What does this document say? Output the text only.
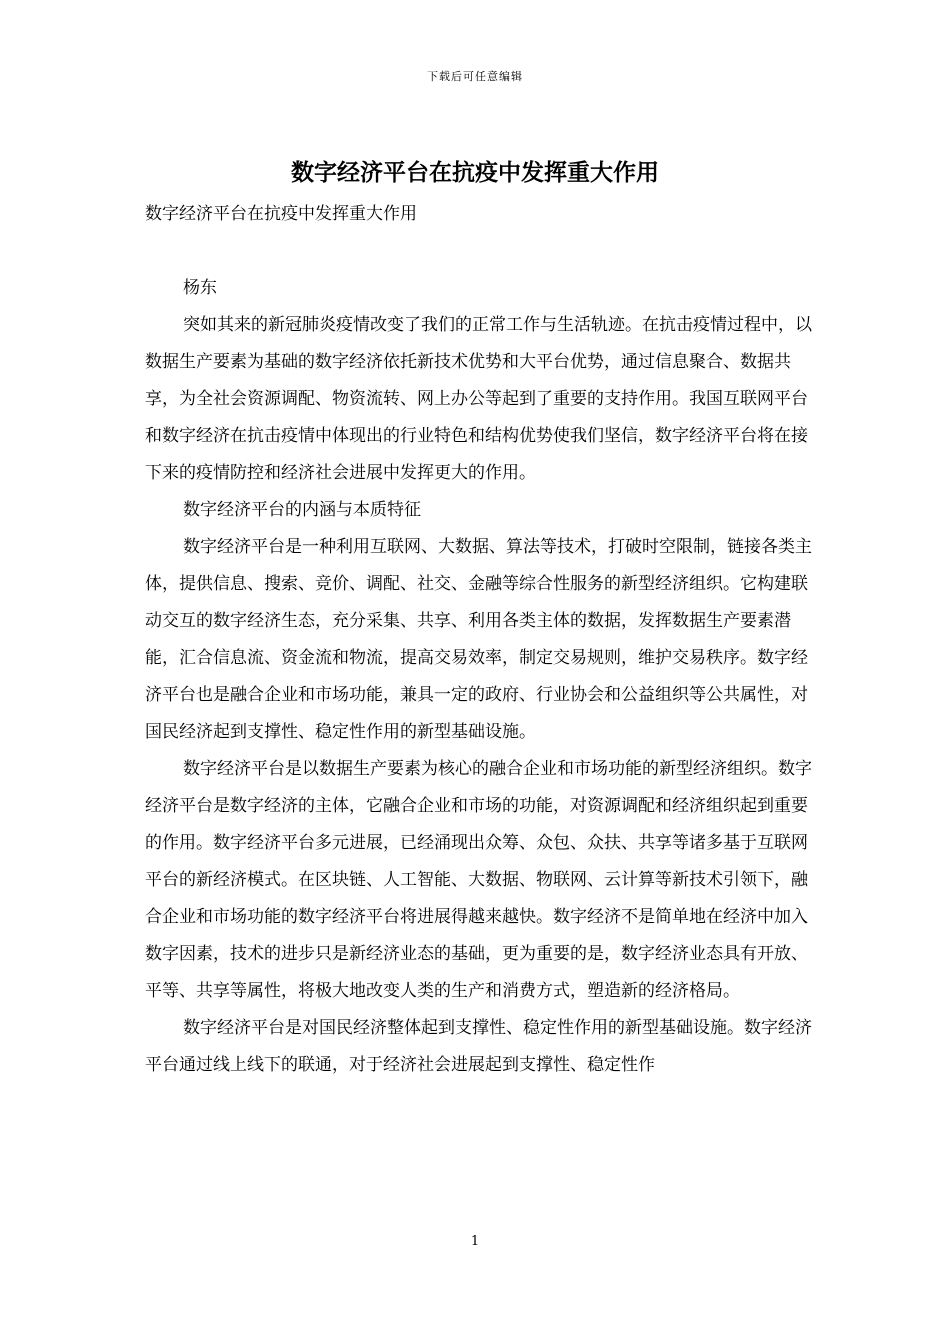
下载后可任意编辑
数字经济平台在抗疫中发挥重大作用

数字经济平台在抗疫中发挥重大作用

杨东

突如其来的新冠肺炎疫情改变了我们的正常工作与生活轨迹。在抗击疫情过程中，以数据生产要素为基础的数字经济依托新技术优势和大平台优势，通过信息聚合、数据共享，为全社会资源调配、物资流转、网上办公等起到了重要的支持作用。我国互联网平台和数字经济在抗击疫情中体现出的行业特色和结构优势使我们坚信，数字经济平台将在接下来的疫情防控和经济社会进展中发挥更大的作用。

数字经济平台的内涵与本质特征

数字经济平台是一种利用互联网、大数据、算法等技术，打破时空限制，链接各类主体，提供信息、搜索、竞价、调配、社交、金融等综合性服务的新型经济组织。它构建联动交互的数字经济生态，充分采集、共享、利用各类主体的数据，发挥数据生产要素潜能，汇合信息流、资金流和物流，提高交易效率，制定交易规则，维护交易秩序。数字经济平台也是融合企业和市场功能，兼具一定的政府、行业协会和公益组织等公共属性，对国民经济起到支撑性、稳定性作用的新型基础设施。

数字经济平台是以数据生产要素为核心的融合企业和市场功能的新型经济组织。数字经济平台是数字经济的主体，它融合企业和市场的功能，对资源调配和经济组织起到重要的作用。数字经济平台多元进展，已经涌现出众筹、众包、众扶、共享等诸多基于互联网平台的新经济模式。在区块链、人工智能、大数据、物联网、云计算等新技术引领下，融合企业和市场功能的数字经济平台将进展得越来越快。数字经济不是简单地在经济中加入数字因素，技术的进步只是新经济业态的基础，更为重要的是，数字经济业态具有开放、平等、共享等属性，将极大地改变人类的生产和消费方式，塑造新的经济格局。

数字经济平台是对国民经济整体起到支撑性、稳定性作用的新型基础设施。数字经济平台通过线上线下的联通，对于经济社会进展起到支撑性、稳定性作

1
